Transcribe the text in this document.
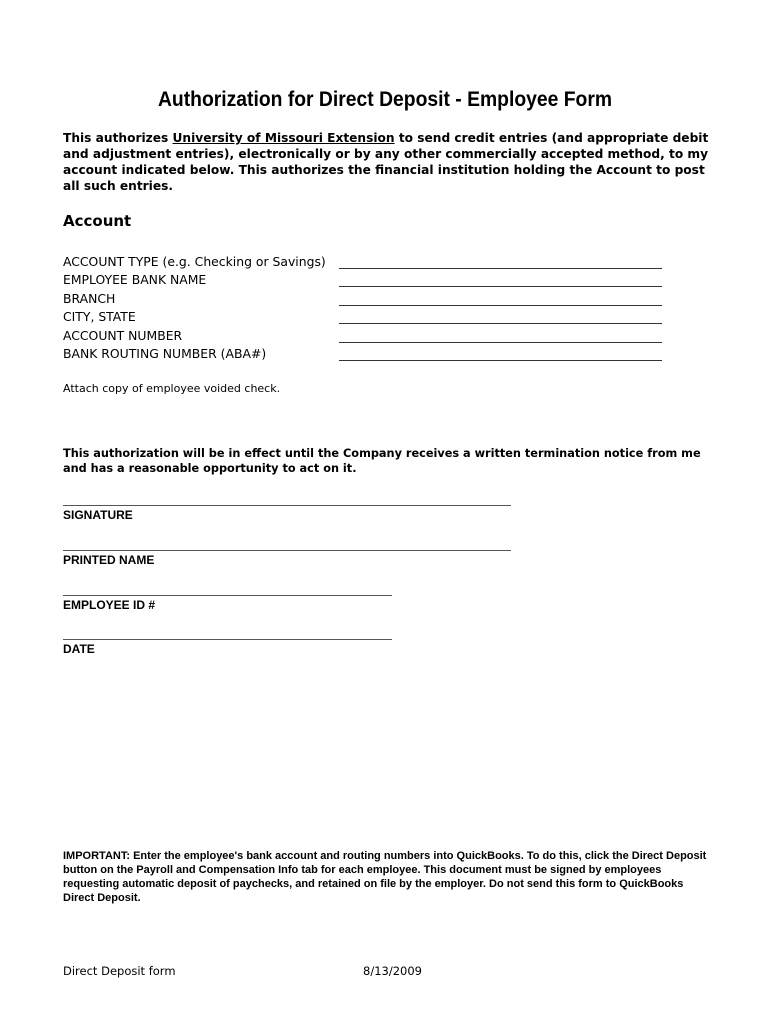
Authorization for Direct Deposit - Employee Form
This authorizes University of Missouri Extension to send credit entries (and appropriate debit and adjustment entries), electronically or by any other commercially accepted method, to my account indicated below. This authorizes the financial institution holding the Account to post all such entries.
Account
ACCOUNT TYPE (e.g. Checking or Savings)
EMPLOYEE BANK NAME
BRANCH
CITY, STATE
ACCOUNT NUMBER
BANK ROUTING NUMBER (ABA#)
Attach copy of employee voided check.
This authorization will be in effect until the Company receives a written termination notice from me and has a reasonable opportunity to act on it.
SIGNATURE
PRINTED NAME
EMPLOYEE ID #
DATE
IMPORTANT: Enter the employee's bank account and routing numbers into QuickBooks. To do this, click the Direct Deposit button on the Payroll and Compensation Info tab for each employee. This document must be signed by employees requesting automatic deposit of paychecks, and retained on file by the employer. Do not send this form to QuickBooks Direct Deposit.
Direct Deposit form	8/13/2009
